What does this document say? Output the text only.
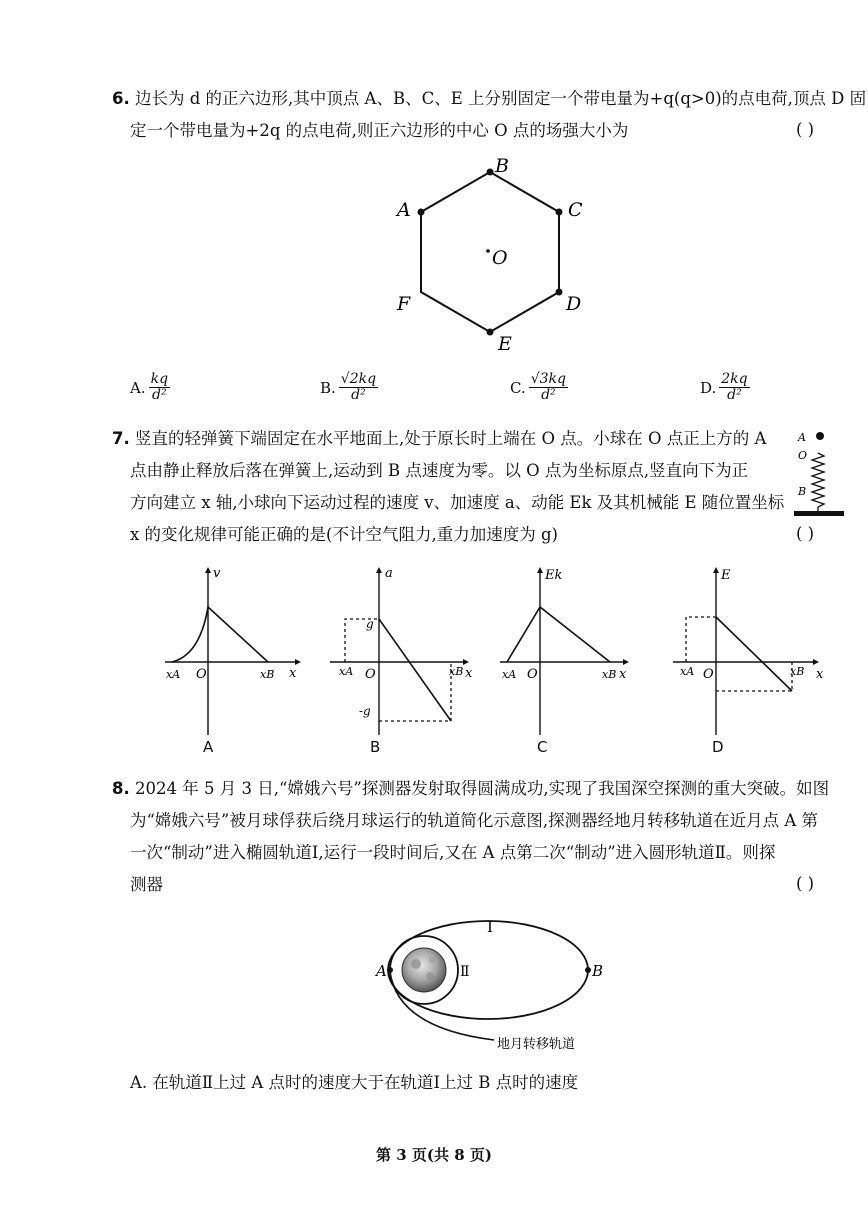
6. 边长为 d 的正六边形,其中顶点 A、B、C、E 上分别固定一个带电量为+q(q>0)的点电荷,顶点 D 固
定一个带电量为+2q 的点电荷,则正六边形的中心 O 点的场强大小为	( )
B
A	C
D
E
F
O
A. $\frac{kq}{\text{d²}}$	B. $\frac{√2kq}{\text{d²}}$	C. $\frac{√3kq}{\text{d²}}$	D. $\frac{2kq}{\text{d²}}$
7. 竖直的轻弹簧下端固定在水平地面上,处于原长时上端在 O 点。小球在 O 点正上方的 A
点由静止释放后落在弹簧上,运动到 B 点速度为零。以 O 点为坐标原点,竖直向下为正
方向建立 x 轴,小球向下运动过程的速度 v、加速度 a、动能 Ek 及其机械能 E 随位置坐标
x 的变化规律可能正确的是(不计空气阻力,重力加速度为 g)	( )
A
O
B
v
x
O
xA	xB
a
x
O
xA	xB
g
-g
Ek
x
O
xA	xB
E
x
O
xA	xB
A	B	C	D
8. 2024 年 5 月 3 日,“嫦娥六号”探测器发射取得圆满成功,实现了我国深空探测的重大突破。如图
为“嫦娥六号”被月球俘获后绕月球运行的轨道简化示意图,探测器经地月转移轨道在近月点 A 第
一次“制动”进入椭圆轨道Ⅰ,运行一段时间后,又在 A 点第二次“制动”进入圆形轨道Ⅱ。则探
测器	( )
A	B
Ⅰ
Ⅱ
地月转移轨道
A. 在轨道Ⅱ上过 A 点时的速度大于在轨道Ⅰ上过 B 点时的速度
第 3 页(共 8 页)
